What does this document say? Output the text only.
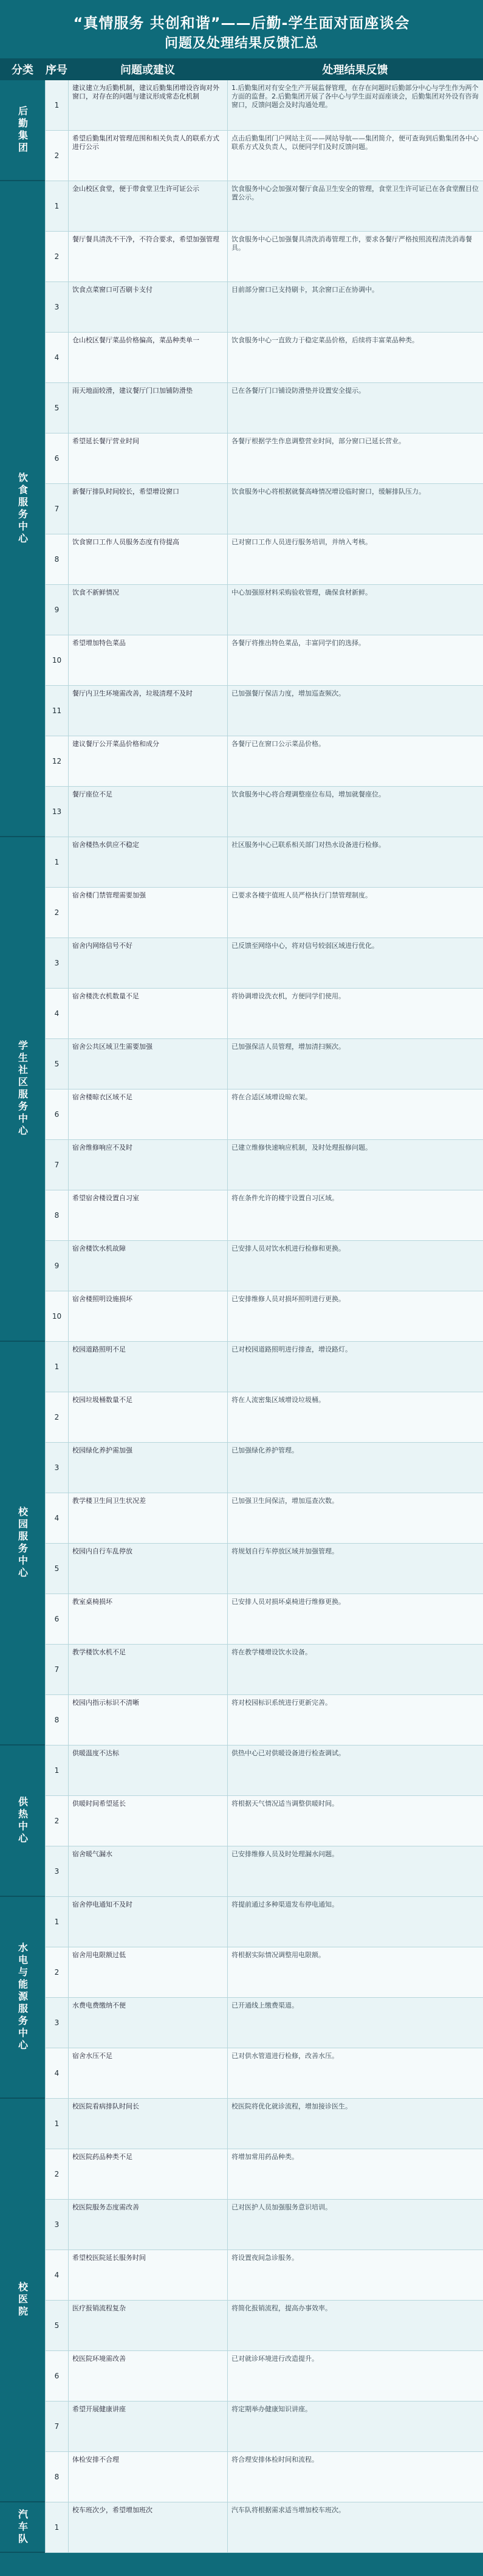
“真情服务 共创和谐”——后勤-学生面对面座谈会
问题及处理结果反馈汇总
分类	序号	问题或建议	处理结果反馈
后勤集团
1
建议建立为后勤机制，建议后勤集团增设咨询对外窗口，对存在的问题与建议形成常态化机制
1.后勤集团对有安全生产开展监督管理，在存在问题时后勤部分中心与学生作为两个方面的监督。2.后勤集团开展了各中心与学生面对面座谈会，后勤集团对外设有咨询窗口，反馈问题会及时沟通处理。
2
希望后勤集团对管理范围和相关负责人的联系方式进行公示
点击后勤集团门户网站主页——网站导航——集团简介，便可查询到后勤集团各中心联系方式及负责人，以便同学们及时反馈问题。
饮食服务中心
1
金山校区食堂，便于带食堂卫生许可证公示	饮食服务中心会加强对餐厅食品卫生安全的管理，食堂卫生许可证已在各食堂醒目位置公示。
2
餐厅餐具清洗不干净，不符合要求，希望加强管理	饮食服务中心已加强餐具清洗消毒管理工作，要求各餐厅严格按照流程清洗消毒餐具。
3
饮食点菜窗口可否刷卡支付	目前部分窗口已支持刷卡，其余窗口正在协调中。
4
仓山校区餐厅菜品价格偏高，菜品种类单一	饮食服务中心一直致力于稳定菜品价格，后续将丰富菜品种类。
5
雨天地面较滑，建议餐厅门口加铺防滑垫	已在各餐厅门口铺设防滑垫并设置安全提示。
6
希望延长餐厅营业时间	各餐厅根据学生作息调整营业时间，部分窗口已延长营业。
7
新餐厅排队时间较长，希望增设窗口	饮食服务中心将根据就餐高峰情况增设临时窗口，缓解排队压力。
8
饮食窗口工作人员服务态度有待提高	已对窗口工作人员进行服务培训，并纳入考核。
9
饮食不新鲜情况	中心加强原材料采购验收管理，确保食材新鲜。
10
希望增加特色菜品	各餐厅将推出特色菜品，丰富同学们的选择。
11
餐厅内卫生环境需改善，垃圾清理不及时	已加强餐厅保洁力度，增加巡查频次。
12
建议餐厅公开菜品价格和成分	各餐厅已在窗口公示菜品价格。
13
餐厅座位不足	饮食服务中心将合理调整座位布局，增加就餐座位。
学生社区服务中心
1
宿舍楼热水供应不稳定	社区服务中心已联系相关部门对热水设备进行检修。
2
宿舍楼门禁管理需要加强	已要求各楼宇值班人员严格执行门禁管理制度。
3
宿舍内网络信号不好	已反馈至网络中心，将对信号较弱区域进行优化。
4
宿舍楼洗衣机数量不足	将协调增设洗衣机，方便同学们使用。
5
宿舍公共区域卫生需要加强	已加强保洁人员管理，增加清扫频次。
6
宿舍楼晾衣区域不足	将在合适区域增设晾衣架。
7
宿舍维修响应不及时	已建立维修快速响应机制，及时处理报修问题。
8
希望宿舍楼设置自习室	将在条件允许的楼宇设置自习区域。
9
宿舍楼饮水机故障	已安排人员对饮水机进行检修和更换。
10
宿舍楼照明设施损坏	已安排维修人员对损坏照明进行更换。
校园服务中心
1
校园道路照明不足	已对校园道路照明进行排查，增设路灯。
2
校园垃圾桶数量不足	将在人流密集区域增设垃圾桶。
3
校园绿化养护需加强	已加强绿化养护管理。
4
教学楼卫生间卫生状况差	已加强卫生间保洁，增加巡查次数。
5
校园内自行车乱停放	将规划自行车停放区域并加强管理。
6
教室桌椅损坏	已安排人员对损坏桌椅进行维修更换。
7
教学楼饮水机不足	将在教学楼增设饮水设备。
8
校园内指示标识不清晰	将对校园标识系统进行更新完善。
供热中心
1
供暖温度不达标	供热中心已对供暖设备进行检查调试。
2
供暖时间希望延长	将根据天气情况适当调整供暖时间。
3
宿舍暖气漏水	已安排维修人员及时处理漏水问题。
水电与能源服务中心
1
宿舍停电通知不及时	将提前通过多种渠道发布停电通知。
2
宿舍用电限额过低	将根据实际情况调整用电限额。
3
水费电费缴纳不便	已开通线上缴费渠道。
4
宿舍水压不足	已对供水管道进行检修，改善水压。
校医院
1
校医院看病排队时间长	校医院将优化就诊流程，增加接诊医生。
2
校医院药品种类不足	将增加常用药品种类。
3
校医院服务态度需改善	已对医护人员加强服务意识培训。
4
希望校医院延长服务时间	将设置夜间急诊服务。
5
医疗报销流程复杂	将简化报销流程，提高办事效率。
6
校医院环境需改善	已对就诊环境进行改造提升。
7
希望开展健康讲座	将定期举办健康知识讲座。
8
体检安排不合理	将合理安排体检时间和流程。
汽车队	1
校车班次少，希望增加班次	汽车队将根据需求适当增加校车班次。
